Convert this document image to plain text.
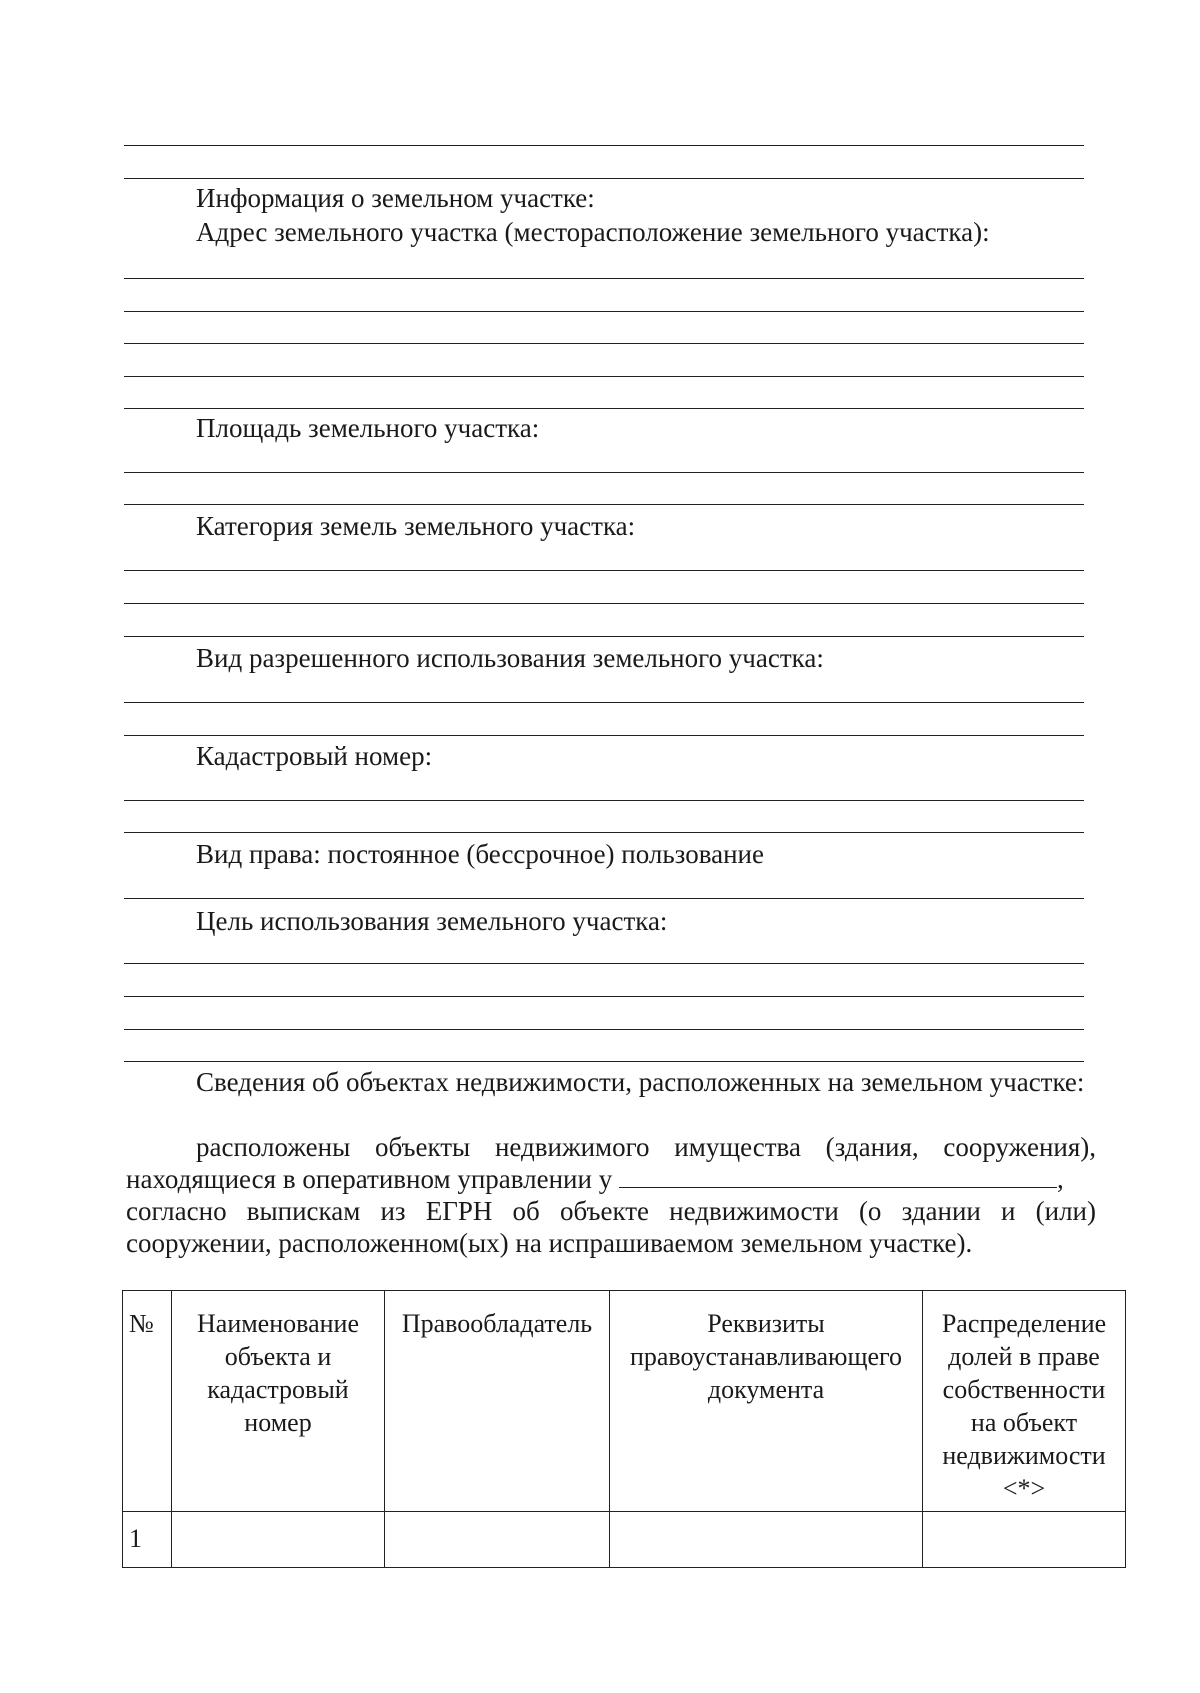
Информация о земельном участке:
Адрес земельного участка (месторасположение земельного участка):
Площадь земельного участка:
Категория земель земельного участка:
Вид разрешенного использования земельного участка:
Кадастровый номер:
Вид права: постоянное (бессрочное) пользование
Цель использования земельного участка:
Сведения об объектах недвижимости, расположенных на земельном участке:
расположены объекты недвижимого имущества (здания, сооружения),
находящиеся в оперативном управлении у	,
согласно выпискам из ЕГРН об объекте недвижимости (о здании и (или) сооружении, расположенном(ых) на испрашиваемом земельном участке).
№	Наименование объекта и кадастровый номер	Правообладатель	Реквизиты правоустанавливающего документа	Распределение долей в праве собственности на объект недвижимости <*>
1				
